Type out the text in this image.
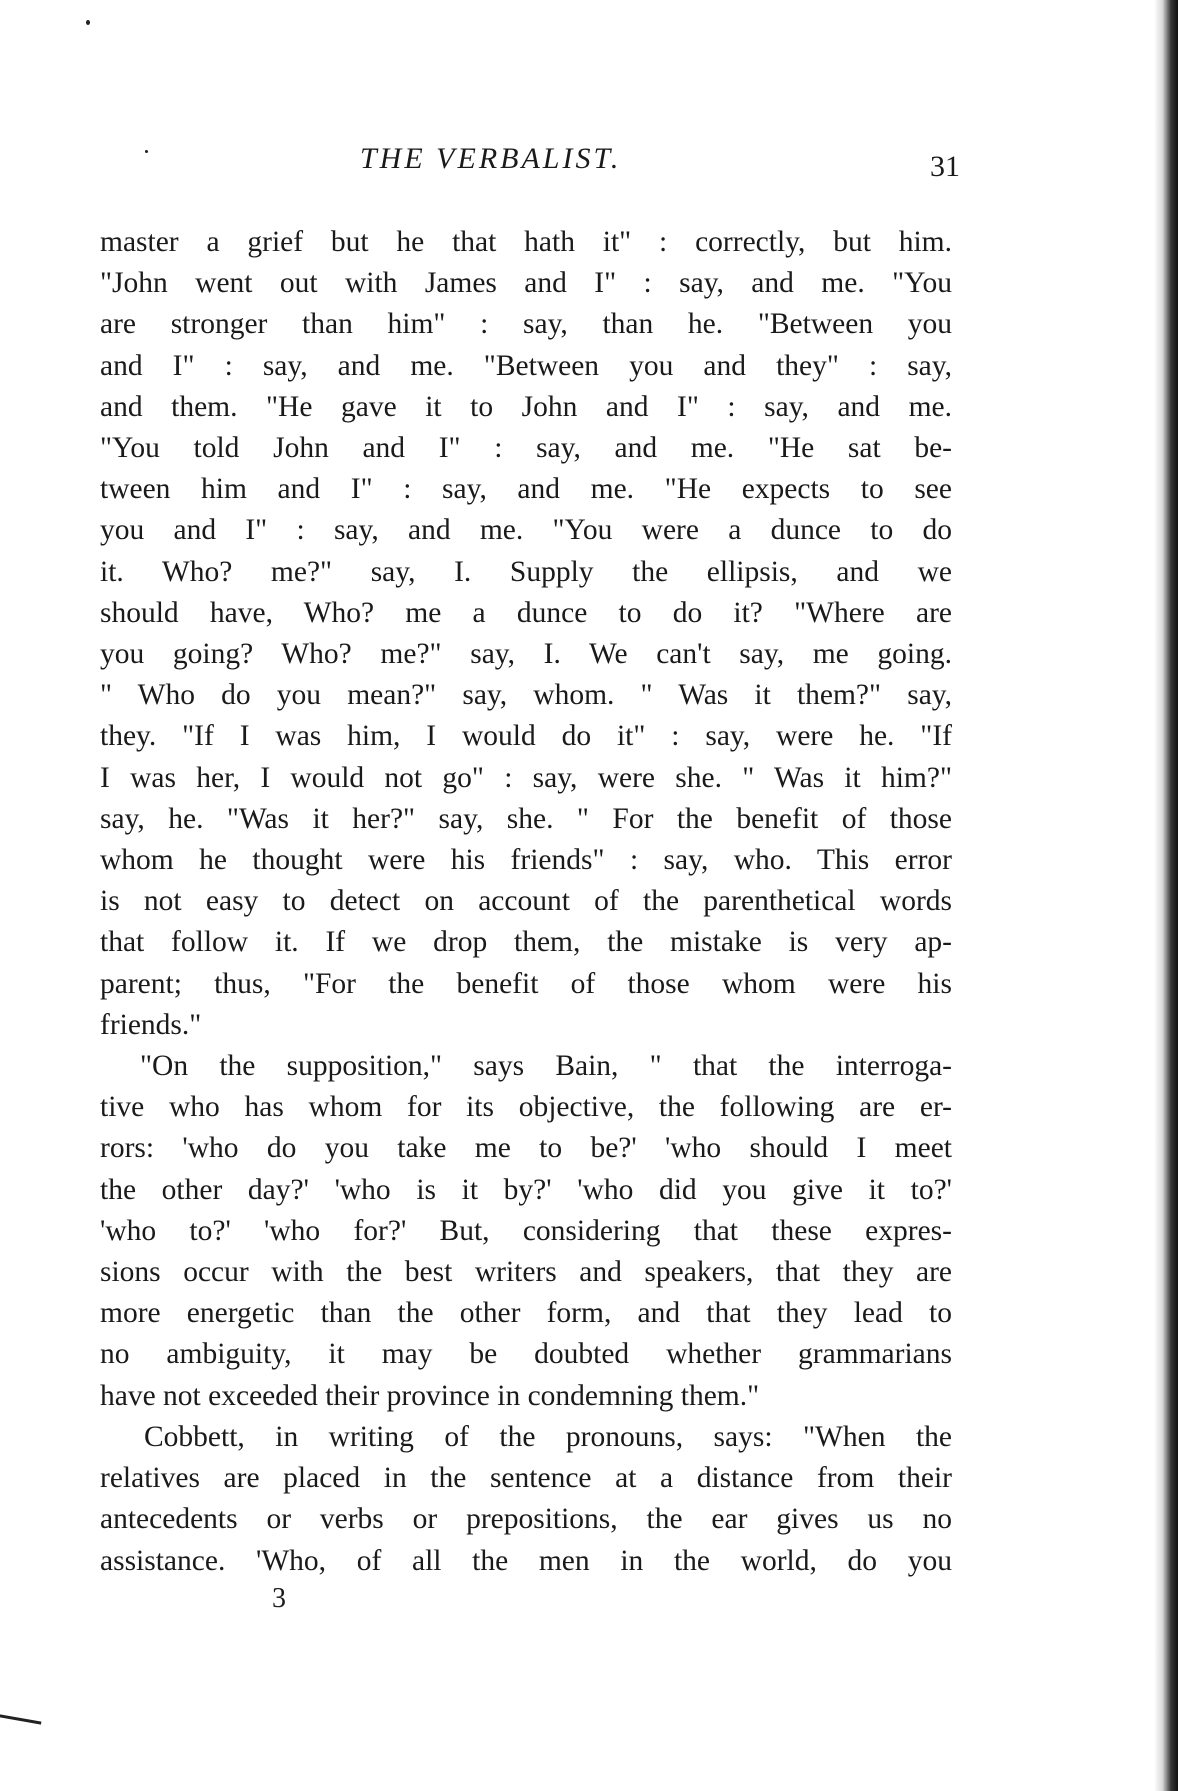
THE VERBALIST.	31

master a grief but he that hath it" : correctly, but him.
"John went out with James and I" : say, and me. "You
are stronger than him" : say, than he. "Between you
and I" : say, and me. "Between you and they" : say,
and them. "He gave it to John and I" : say, and me.
"You told John and I" : say, and me. "He sat be-
tween him and I" : say, and me. "He expects to see
you and I" : say, and me. "You were a dunce to do
it. Who? me?" say, I. Supply the ellipsis, and we
should have, Who? me a dunce to do it? "Where are
you going? Who? me?" say, I. We can't say, me going.
" Who do you mean?" say, whom. " Was it them?" say,
they. "If I was him, I would do it" : say, were he. "If
I was her, I would not go" : say, were she. " Was it him?"
say, he. "Was it her?" say, she. " For the benefit of those
whom he thought were his friends" : say, who. This error
is not easy to detect on account of the parenthetical words
that follow it. If we drop them, the mistake is very ap-
parent; thus, "For the benefit of those whom were his
friends."

"On the supposition," says Bain, " that the interroga-
tive who has whom for its objective, the following are er-
rors: 'who do you take me to be?' 'who should I meet
the other day?' 'who is it by?' 'who did you give it to?'
'who to?' 'who for?' But, considering that these expres-
sions occur with the best writers and speakers, that they are
more energetic than the other form, and that they lead to
no ambiguity, it may be doubted whether grammarians
have not exceeded their province in condemning them."

Cobbett, in writing of the pronouns, says: "When the
relatives are placed in the sentence at a distance from their
antecedents or verbs or prepositions, the ear gives us no
assistance. 'Who, of all the men in the world, do you

3
